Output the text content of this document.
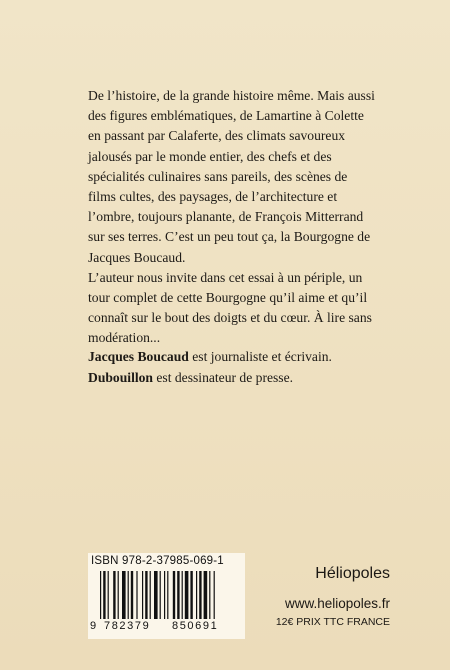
De l’histoire, de la grande histoire même. Mais aussi
des figures emblématiques, de Lamartine à Colette
en passant par Calaferte, des climats savoureux
jalousés par le monde entier, des chefs et des
spécialités culinaires sans pareils, des scènes de
films cultes, des paysages, de l’architecture et
l’ombre, toujours planante, de François Mitterrand
sur ses terres. C’est un peu tout ça, la Bourgogne de
Jacques Boucaud.
L’auteur nous invite dans cet essai à un périple, un
tour complet de cette Bourgogne qu’il aime et qu’il
connaît sur le bout des doigts et du cœur. À lire sans
modération...
Jacques Boucaud est journaliste et écrivain.
Dubouillon est dessinateur de presse.
ISBN 978-2-37985-069-1
9 782379 850691
Héliopoles
www.heliopoles.fr
12€ PRIX TTC FRANCE
